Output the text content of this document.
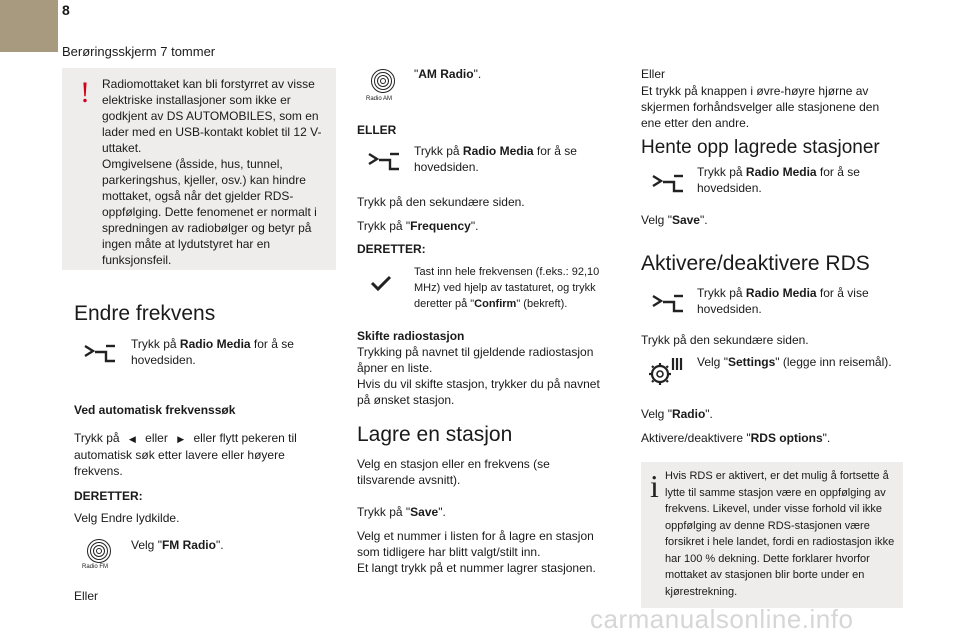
8
Berøringsskjerm 7 tommer
! Radiomottaket kan bli forstyrret av visse elektriske installasjoner som ikke er godkjent av DS AUTOMOBILES, som en lader med en USB-kontakt koblet til 12 V-uttaket.
Omgivelsene (åsside, hus, tunnel, parkeringshus, kjeller, osv.) kan hindre mottaket, også når det gjelder RDS-oppfølging. Dette fenomenet er normalt i spredningen av radiobølger og betyr på ingen måte at lydutstyret har en funksjonsfeil.
Endre frekvens
Trykk på Radio Media for å se hovedsiden.
Ved automatisk frekvenssøk
Trykk på ◀ eller ▶ eller flytt pekeren til automatisk søk etter lavere eller høyere frekvens.
DERETTER:
Velg Endre lydkilde.
Radio FM
Velg "FM Radio".
Eller
Radio AM
"AM Radio".
ELLER
Trykk på Radio Media for å se hovedsiden.
Trykk på den sekundære siden.
Trykk på "Frequency".
DERETTER:
Tast inn hele frekvensen (f.eks.: 92,10 MHz) ved hjelp av tastaturet, og trykk deretter på "Confirm" (bekreft).
Skifte radiostasjon
Trykking på navnet til gjeldende radiostasjon åpner en liste.
Hvis du vil skifte stasjon, trykker du på navnet på ønsket stasjon.
Lagre en stasjon
Velg en stasjon eller en frekvens (se tilsvarende avsnitt).
Trykk på "Save".
Velg et nummer i listen for å lagre en stasjon som tidligere har blitt valgt/stilt inn.
Et langt trykk på et nummer lagrer stasjonen.
Eller
Et trykk på knappen i øvre-høyre hjørne av skjermen forhåndsvelger alle stasjonene den ene etter den andre.
Hente opp lagrede stasjoner
Trykk på Radio Media for å se hovedsiden.
Velg "Save".
Aktivere/deaktivere RDS
Trykk på Radio Media for å vise hovedsiden.
Trykk på den sekundære siden.
Velg "Settings" (legge inn reisemål).
Velg "Radio".
Aktivere/deaktivere "RDS options".
i Hvis RDS er aktivert, er det mulig å fortsette å lytte til samme stasjon være en oppfølging av frekvens. Likevel, under visse forhold vil ikke oppfølging av denne RDS-stasjonen være forsikret i hele landet, fordi en radiostasjon ikke har 100 % dekning. Dette forklarer hvorfor mottaket av stasjonen blir borte under en kjørestrekning.
carmanualsonline.info
